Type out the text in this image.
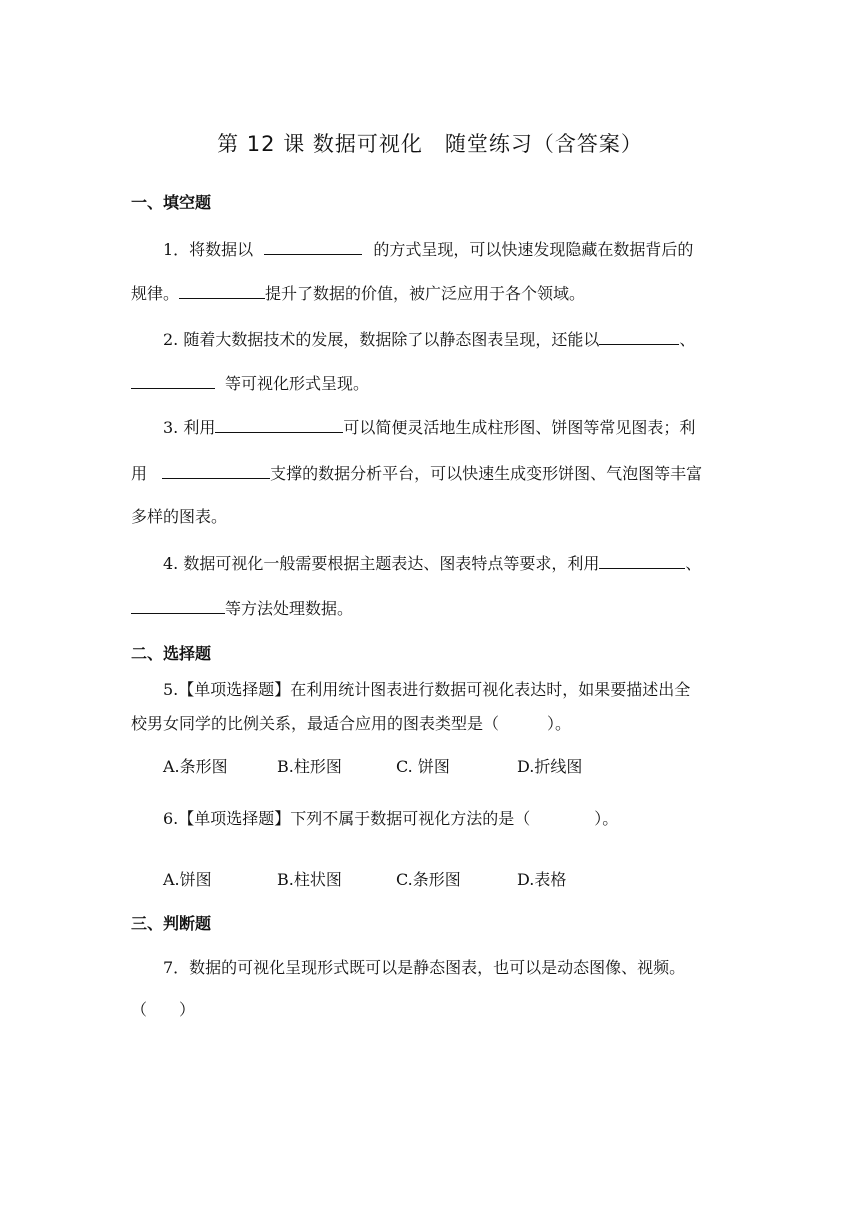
第 12 课 数据可视化　随堂练习（含答案）
一、填空题
1．将数据以	的方式呈现，可以快速发现隐藏在数据背后的
规律。	提升了数据的价值，被广泛应用于各个领域。
2. 随着大数据技术的发展，数据除了以静态图表呈现，还能以	、
等可视化形式呈现。
3. 利用	可以简便灵活地生成柱形图、饼图等常见图表；利
用	支撑的数据分析平台，可以快速生成变形饼图、气泡图等丰富
多样的图表。
4. 数据可视化一般需要根据主题表达、图表特点等要求，利用	、
等方法处理数据。
二、选择题
5.【单项选择题】在利用统计图表进行数据可视化表达时，如果要描述出全
校男女同学的比例关系，最适合应用的图表类型是（　　　）。
A.条形图	B.柱形图	C. 饼图	D.折线图
6.【单项选择题】下列不属于数据可视化方法的是（　　　　）。
A.饼图	B.柱状图	C.条形图	D.表格
三、判断题
7．数据的可视化呈现形式既可以是静态图表，也可以是动态图像、视频。
（　　）
